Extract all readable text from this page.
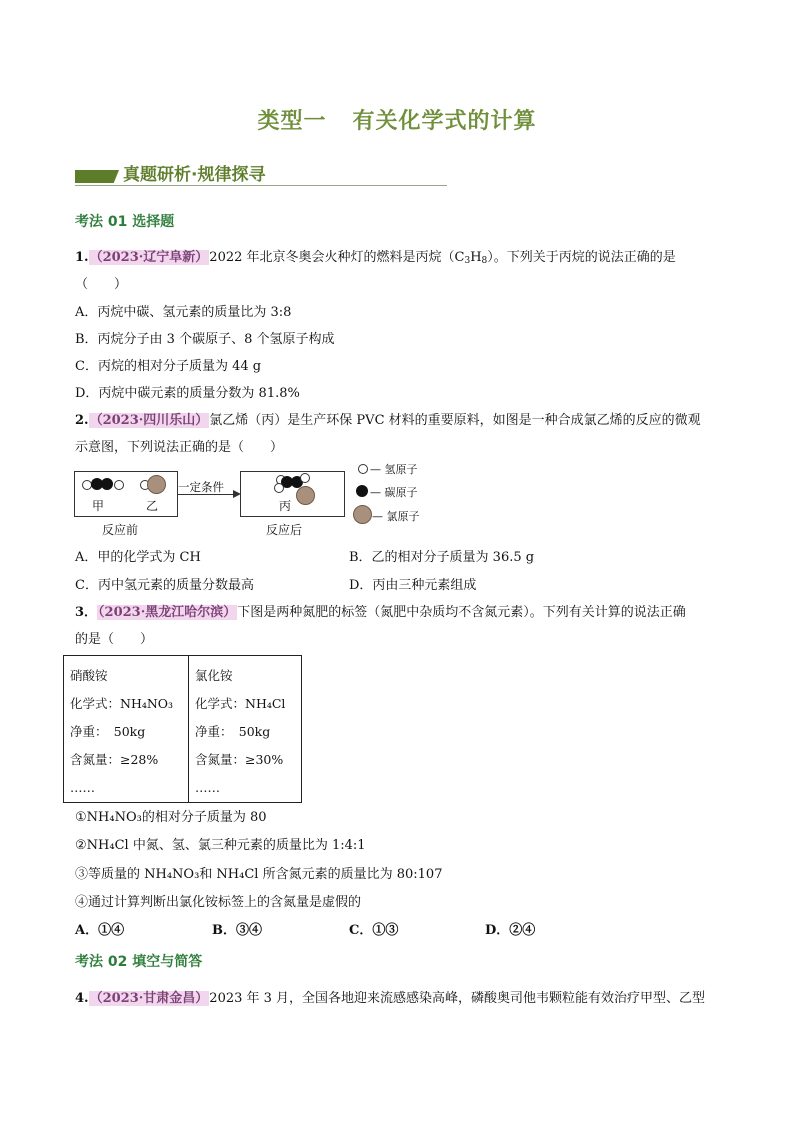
类型一 有关化学式的计算
真题研析·规律探寻
考法 01 选择题
1.（2023·辽宁阜新）2022 年北京冬奥会火种灯的燃料是丙烷$(C_3H_8)$。下列关于丙烷的说法正确的是
（　　）
A．丙烷中碳、氢元素的质量比为 3:8
B．丙烷分子由 3 个碳原子、8 个氢原子构成
C．丙烷的相对分子质量为 44 g
D．丙烷中碳元素的质量分数为 81.8%
2.（2023·四川乐山）氯乙烯（丙）是生产环保 PVC 材料的重要原料，如图是一种合成氯乙烯的反应的微观
示意图，下列说法正确的是（　　）
甲	乙
反应前
一定条件
丙
反应后
— 氢原子
— 碳原子
— 氯原子
A．甲的化学式为 CH	B．乙的相对分子质量为 36.5 g
C．丙中氢元素的质量分数最高	D．丙由三种元素组成
3．（2023·黑龙江哈尔滨）下图是两种氮肥的标签（氮肥中杂质均不含氮元素）。下列有关计算的说法正确
的是（　　）
硝酸铵
化学式：NH₄NO₃
净重：　50kg
含氮量：≥28%
……

氯化铵
化学式：NH₄Cl
净重：　50kg
含氮量：≥30%
……
①NH₄NO₃的相对分子质量为 80
②NH₄Cl 中氮、氢、氯三种元素的质量比为 1:4:1
③等质量的 NH₄NO₃和 NH₄Cl 所含氮元素的质量比为 80:107
④通过计算判断出氯化铵标签上的含氮量是虚假的
A．①④	B．③④	C．①③	D．②④
考法 02 填空与简答
4.（2023·甘肃金昌）2023 年 3 月，全国各地迎来流感感染高峰，磷酸奥司他韦颗粒能有效治疗甲型、乙型
